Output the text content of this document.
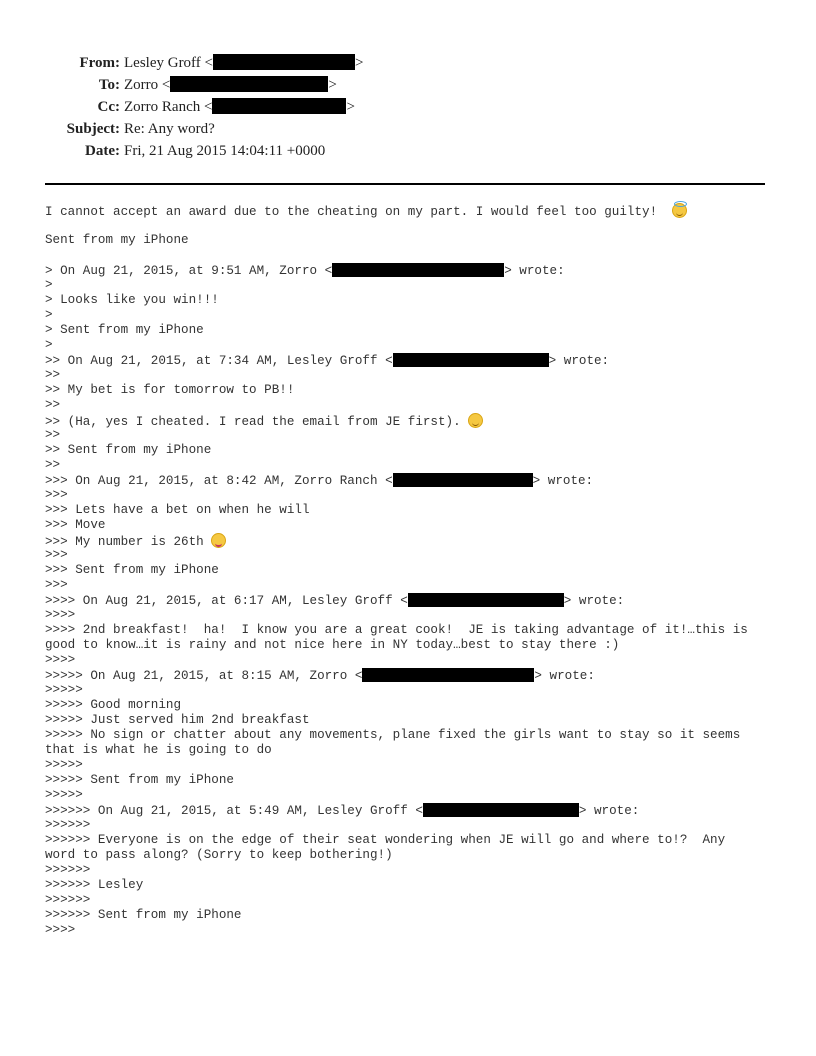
From: Lesley Groff <	>
To: Zorro <	>
Cc: Zorro Ranch <	>
Subject: Re: Any word?
Date: Fri, 21 Aug 2015 14:04:11 +0000
I cannot accept an award due to the cheating on my part. I would feel too guilty!
Sent from my iPhone
> On Aug 21, 2015, at 9:51 AM, Zorro <	> wrote:
>
> Looks like you win!!!
>
> Sent from my iPhone
>
>> On Aug 21, 2015, at 7:34 AM, Lesley Groff <	> wrote:
>>
>> My bet is for tomorrow to PB!!
>>
>> (Ha, yes I cheated. I read the email from JE first).
>>
>> Sent from my iPhone
>>
>>> On Aug 21, 2015, at 8:42 AM, Zorro Ranch <	> wrote:
>>>
>>> Lets have a bet on when he will
>>> Move
>>> My number is 26th
>>>
>>> Sent from my iPhone
>>>
>>>> On Aug 21, 2015, at 6:17 AM, Lesley Groff <	> wrote:
>>>>
>>>> 2nd breakfast!  ha!  I know you are a great cook!  JE is taking advantage of it!…this is
good to know…it is rainy and not nice here in NY today…best to stay there :)
>>>>
>>>>> On Aug 21, 2015, at 8:15 AM, Zorro <	> wrote:
>>>>>
>>>>> Good morning
>>>>> Just served him 2nd breakfast
>>>>> No sign or chatter about any movements, plane fixed the girls want to stay so it seems
that is what he is going to do
>>>>>
>>>>> Sent from my iPhone
>>>>>
>>>>>> On Aug 21, 2015, at 5:49 AM, Lesley Groff <	> wrote:
>>>>>>
>>>>>> Everyone is on the edge of their seat wondering when JE will go and where to!?  Any
word to pass along? (Sorry to keep bothering!)
>>>>>>
>>>>>> Lesley
>>>>>>
>>>>>> Sent from my iPhone
>>>>
